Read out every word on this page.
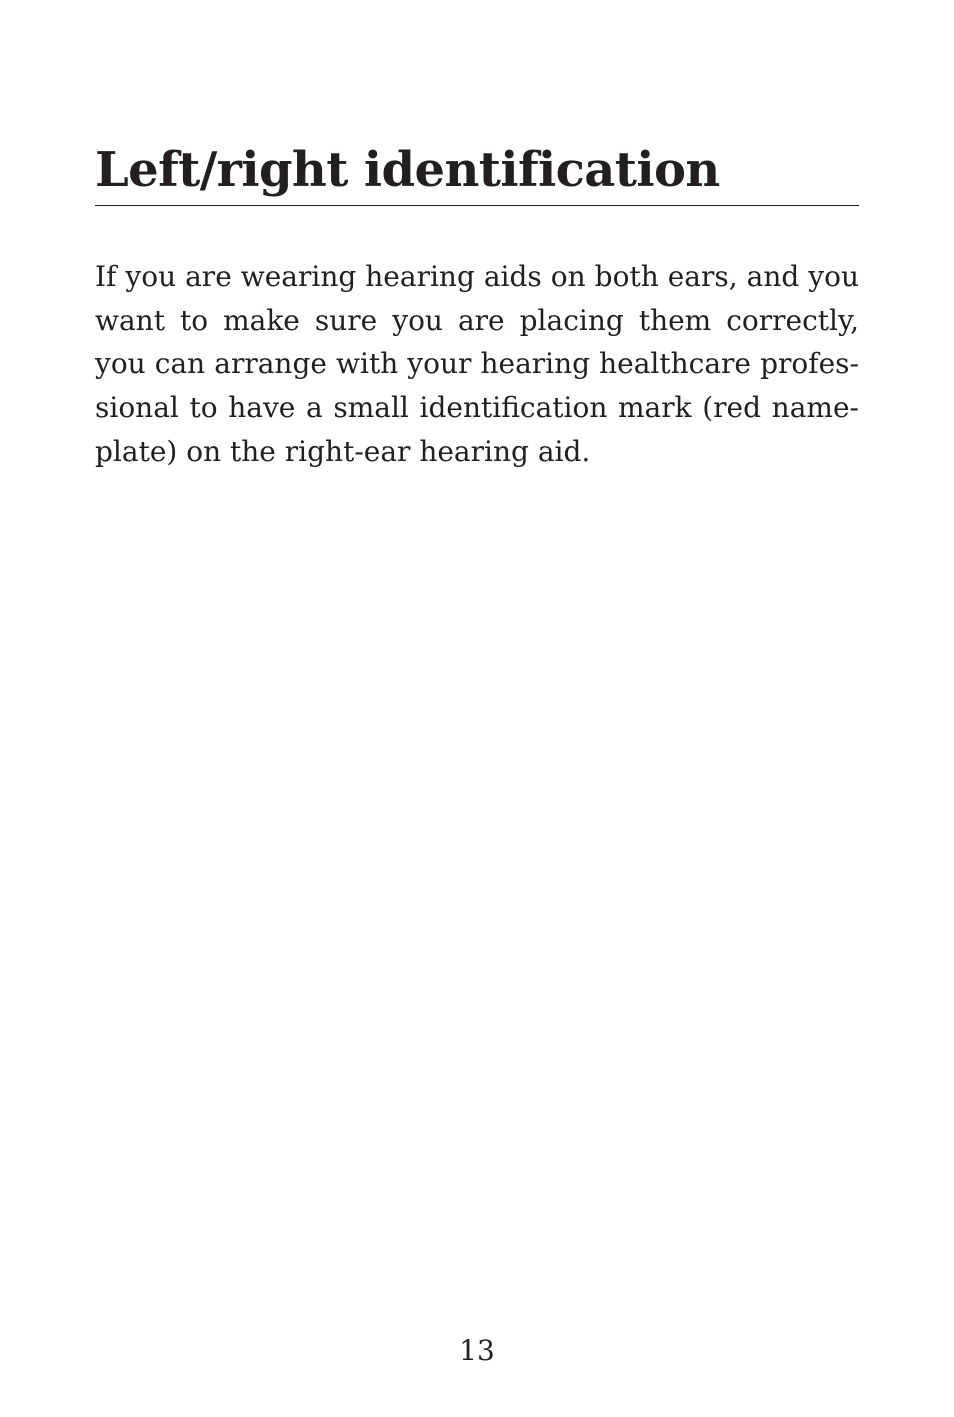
Left/right identification

If you are wearing hearing aids on both ears, and you
want to make sure you are placing them correctly,
you can arrange with your hearing healthcare profes-
sional to have a small identification mark (red name-
plate) on the right-ear hearing aid.

13
